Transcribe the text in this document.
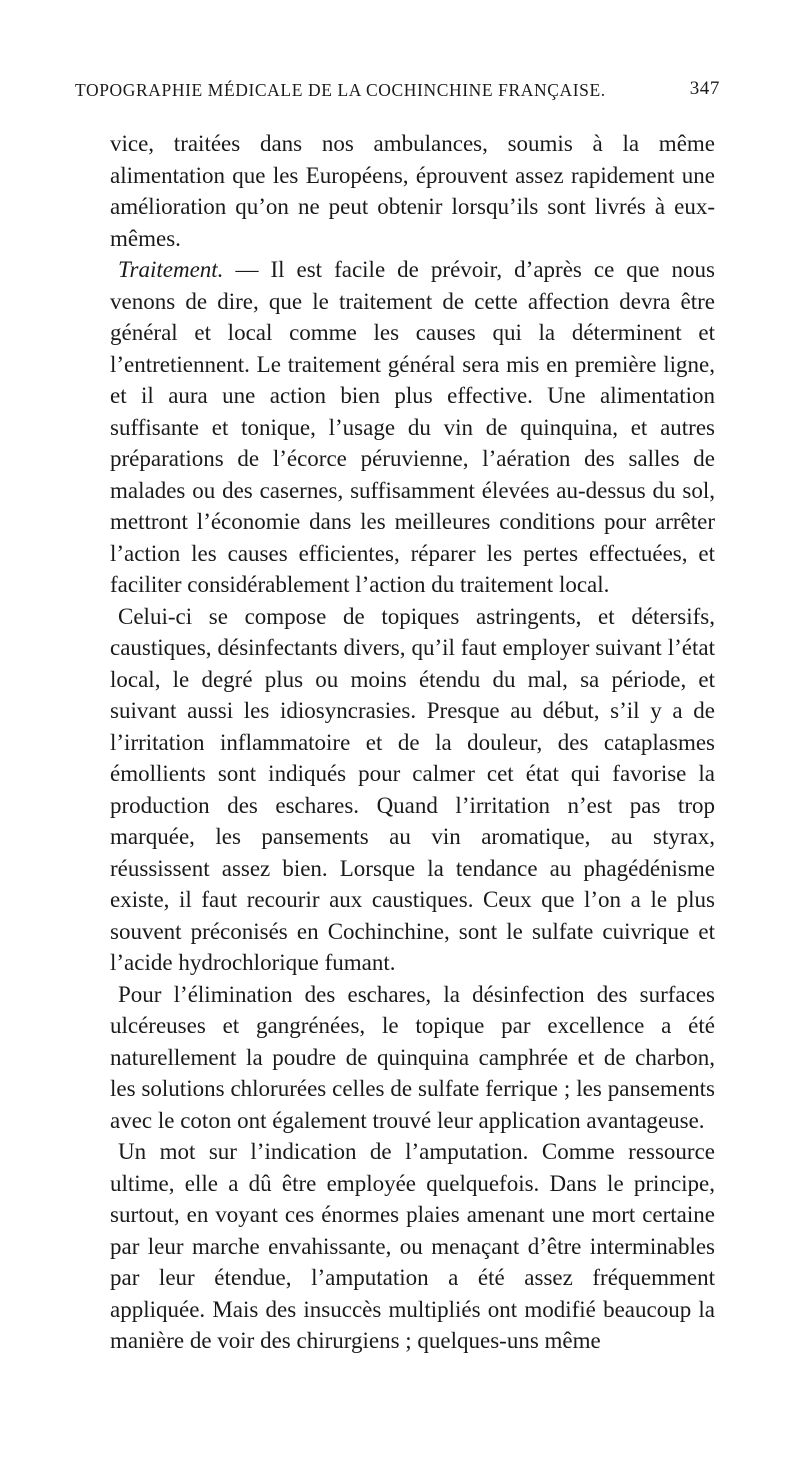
TOPOGRAPHIE MÉDICALE DE LA COCHINCHINE FRANÇAISE.	347

vice, traitées dans nos ambulances, soumis à la même alimentation que les Européens, éprouvent assez rapidement une amélioration qu’on ne peut obtenir lorsqu’ils sont livrés à eux-mêmes.

Traitement. — Il est facile de prévoir, d’après ce que nous venons de dire, que le traitement de cette affection devra être général et local comme les causes qui la déterminent et l’entretiennent. Le traitement général sera mis en première ligne, et il aura une action bien plus effective. Une alimentation suffisante et tonique, l’usage du vin de quinquina, et autres préparations de l’écorce péruvienne, l’aération des salles de malades ou des casernes, suffisamment élevées au-dessus du sol, mettront l’économie dans les meilleures conditions pour arrêter l’action les causes efficientes, réparer les pertes effectuées, et faciliter considérablement l’action du traitement local.

Celui-ci se compose de topiques astringents, et détersifs, caustiques, désinfectants divers, qu’il faut employer suivant l’état local, le degré plus ou moins étendu du mal, sa période, et suivant aussi les idiosyncrasies. Presque au début, s’il y a de l’irritation inflammatoire et de la douleur, des cataplasmes émollients sont indiqués pour calmer cet état qui favorise la production des eschares. Quand l’irritation n’est pas trop marquée, les pansements au vin aromatique, au styrax, réussissent assez bien. Lorsque la tendance au phagédénisme existe, il faut recourir aux caustiques. Ceux que l’on a le plus souvent préconisés en Cochinchine, sont le sulfate cuivrique et l’acide hydrochlorique fumant.

Pour l’élimination des eschares, la désinfection des surfaces ulcéreuses et gangrénées, le topique par excellence a été naturellement la poudre de quinquina camphrée et de charbon, les solutions chlorurées celles de sulfate ferrique ; les pansements avec le coton ont également trouvé leur application avantageuse.

Un mot sur l’indication de l’amputation. Comme ressource ultime, elle a dû être employée quelquefois. Dans le principe, surtout, en voyant ces énormes plaies amenant une mort certaine par leur marche envahissante, ou menaçant d’être interminables par leur étendue, l’amputation a été assez fréquemment appliquée. Mais des insuccès multipliés ont modifié beaucoup la manière de voir des chirurgiens ; quelques-uns même
